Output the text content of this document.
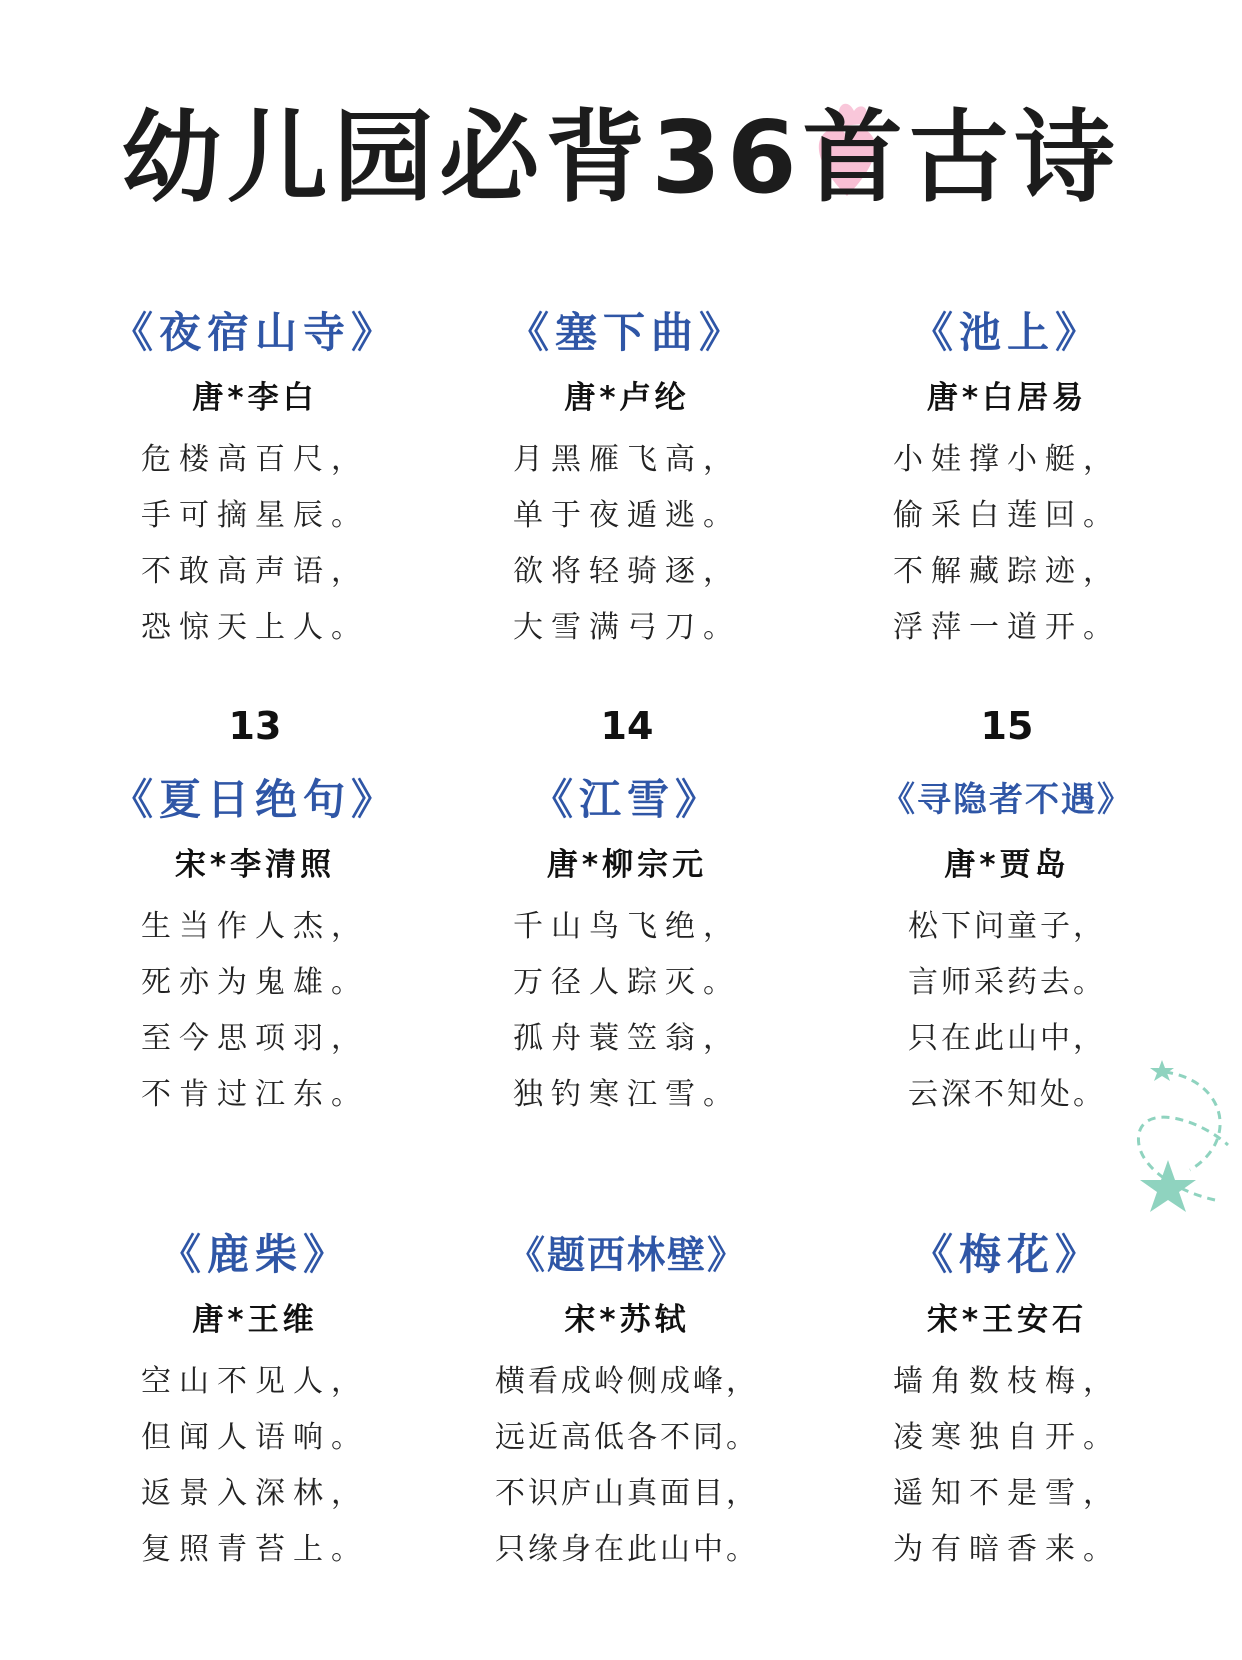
幼儿园必背36首古诗
《夜宿山寺》
唐*李白
危楼高百尺，
手可摘星辰。
不敢高声语，
恐惊天上人。
《塞下曲》
唐*卢纶
月黑雁飞高，
单于夜遁逃。
欲将轻骑逐，
大雪满弓刀。
《池上》
唐*白居易
小娃撑小艇，
偷采白莲回。
不解藏踪迹，
浮萍一道开。
13
《夏日绝句》
宋*李清照
生当作人杰，
死亦为鬼雄。
至今思项羽，
不肯过江东。
14
《江雪》
唐*柳宗元
千山鸟飞绝，
万径人踪灭。
孤舟蓑笠翁，
独钓寒江雪。
15
《寻隐者不遇》
唐*贾岛
松下问童子，
言师采药去。
只在此山中，
云深不知处。
《鹿柴》
唐*王维
空山不见人，
但闻人语响。
返景入深林，
复照青苔上。
《题西林壁》
宋*苏轼
横看成岭侧成峰，
远近高低各不同。
不识庐山真面目，
只缘身在此山中。
《梅花》
宋*王安石
墙角数枝梅，
凌寒独自开。
遥知不是雪，
为有暗香来。
